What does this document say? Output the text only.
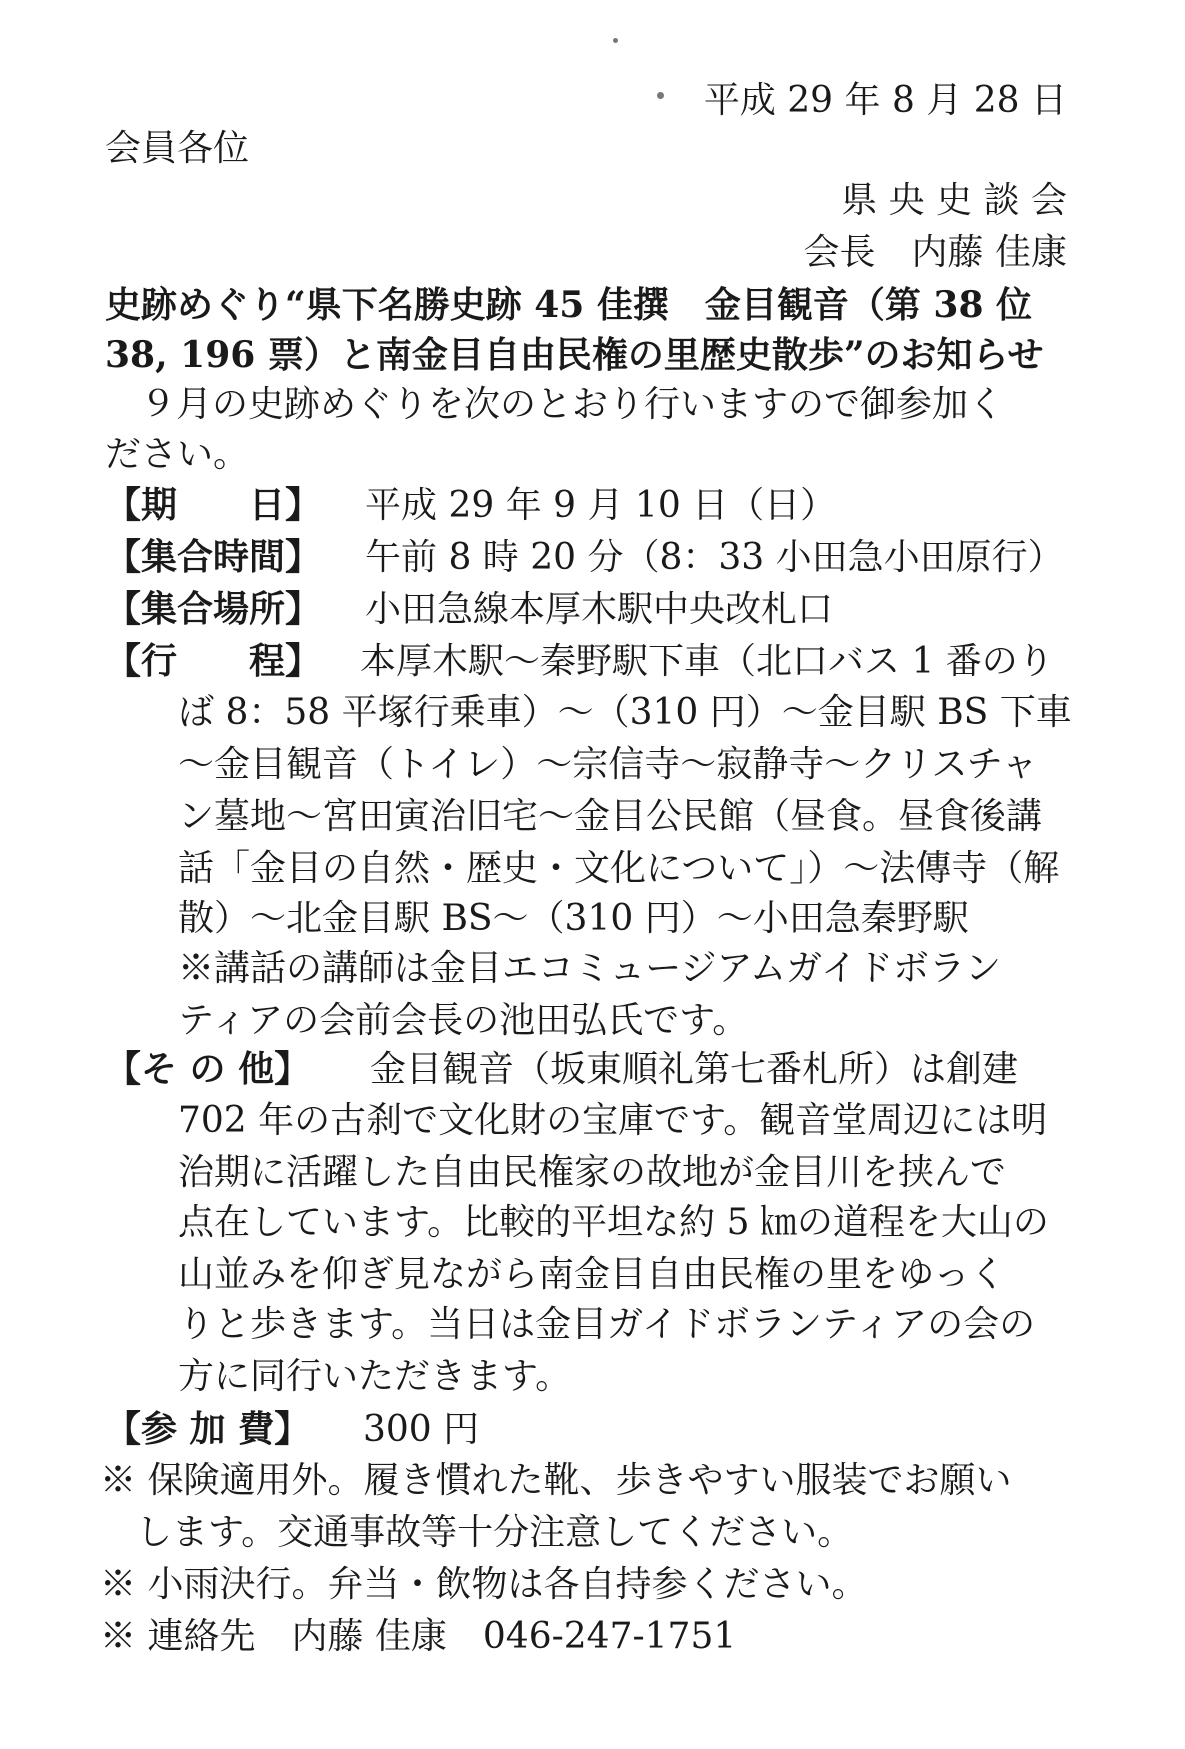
平成 29 年 8 月 28 日
会員各位
県 央 史 談 会
会長　内藤 佳康
史跡めぐり“県下名勝史跡 45 佳撰　金目観音（第 38 位
38, 196 票）と南金目自由民権の里歴史散歩”のお知らせ
９月の史跡めぐりを次のとおり行いますので御参加く
ださい。
【期　　日】 平成 29 年 9 月 10 日（日）
【集合時間】 午前 8 時 20 分（8：33 小田急小田原行）
【集合場所】 小田急線本厚木駅中央改札口
【行　　程】 本厚木駅～秦野駅下車（北口バス 1 番のり
ば 8：58 平塚行乗車）～（310 円）～金目駅 BS 下車
～金目観音（トイレ）～宗信寺～寂静寺～クリスチャ
ン墓地～宮田寅治旧宅～金目公民館（昼食。昼食後講
話「金目の自然・歴史・文化について」）～法傳寺（解
散）～北金目駅 BS～（310 円）～小田急秦野駅
※講話の講師は金目エコミュージアムガイドボラン
ティアの会前会長の池田弘氏です。
【そ の 他】 金目観音（坂東順礼第七番札所）は創建
702 年の古刹で文化財の宝庫です。観音堂周辺には明
治期に活躍した自由民権家の故地が金目川を挟んで
点在しています。比較的平坦な約 5 ㎞の道程を大山の
山並みを仰ぎ見ながら南金目自由民権の里をゆっく
りと歩きます。当日は金目ガイドボランティアの会の
方に同行いただきます。
【参 加 費】 300 円
※ 保険適用外。履き慣れた靴、歩きやすい服装でお願い
　します。交通事故等十分注意してください。
※ 小雨決行。弁当・飲物は各自持参ください。
※ 連絡先　内藤 佳康　046-247-1751
